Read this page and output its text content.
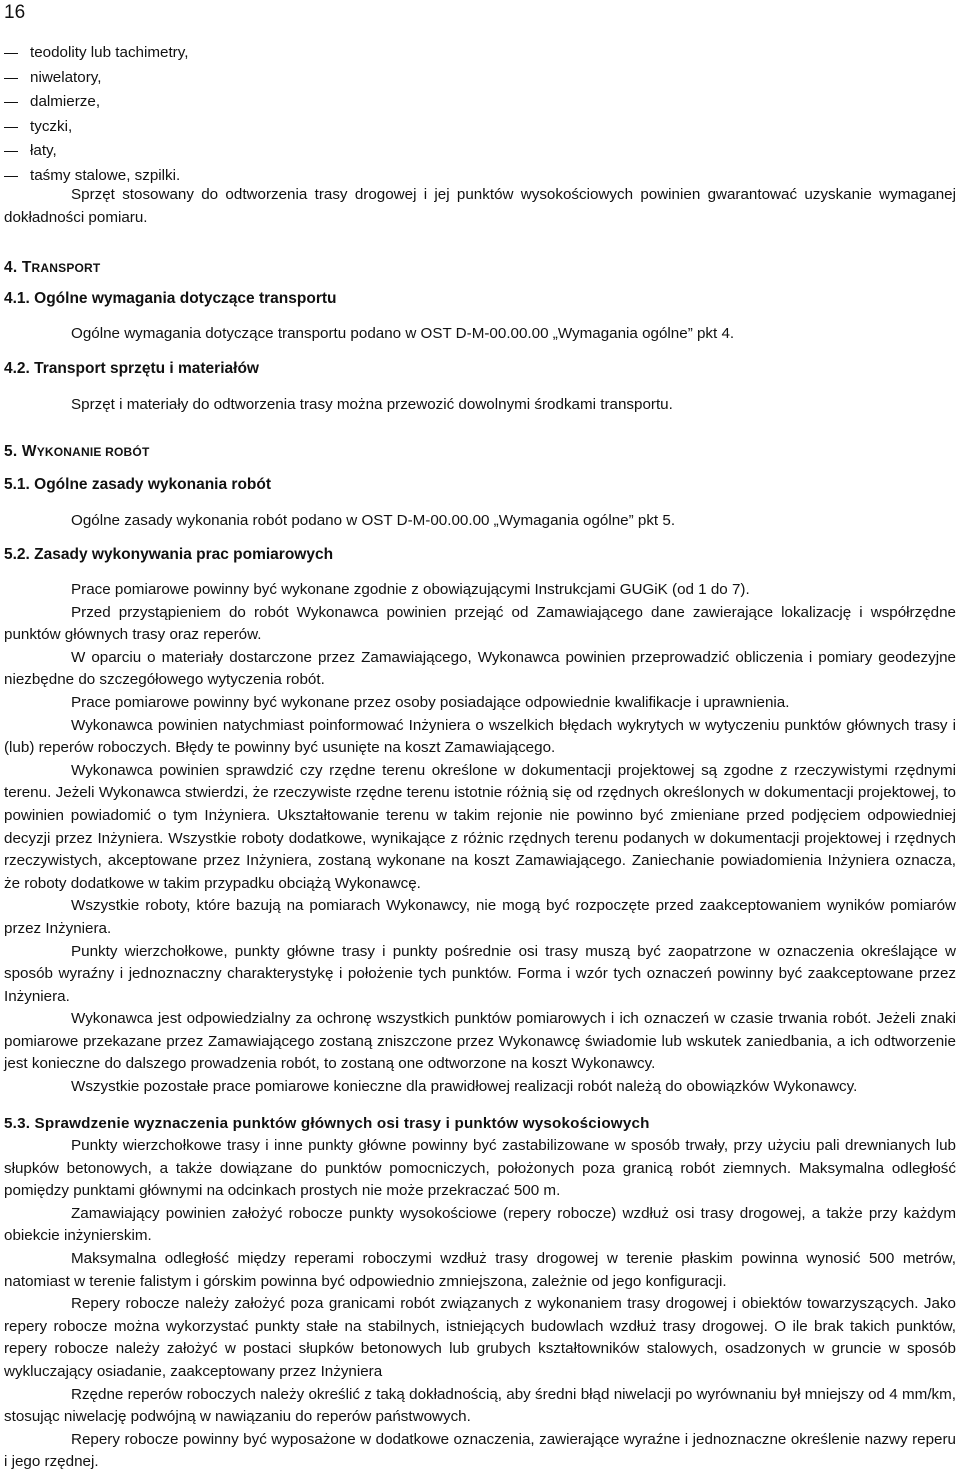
16
teodolity lub tachimetry,
niwelatory,
dalmierze,
tyczki,
łaty,
taśmy stalowe, szpilki.

Sprzęt stosowany do odtworzenia trasy drogowej i jej punktów wysokościowych powinien gwarantować uzyskanie wymaganej dokładności pomiaru.

4. TRANSPORT
4.1. Ogólne wymagania dotyczące transportu
Ogólne wymagania dotyczące transportu podano w OST D-M-00.00.00 „Wymagania ogólne” pkt 4.
4.2. Transport sprzętu i materiałów
Sprzęt i materiały do odtworzenia trasy można przewozić dowolnymi środkami transportu.
5. WYKONANIE ROBÓT
5.1. Ogólne zasady wykonania robót
Ogólne zasady wykonania robót podano w OST D-M-00.00.00 „Wymagania ogólne” pkt 5.
5.2. Zasady wykonywania prac pomiarowych

Prace pomiarowe powinny być wykonane zgodnie z obowiązującymi Instrukcjami GUGiK (od 1 do 7).

Przed przystąpieniem do robót Wykonawca powinien przejąć od Zamawiającego dane zawierające lokalizację i współrzędne punktów głównych trasy oraz reperów.

W oparciu o materiały dostarczone przez Zamawiającego, Wykonawca powinien przeprowadzić obliczenia i pomiary geodezyjne niezbędne do szczegółowego wytyczenia robót.

Prace pomiarowe powinny być wykonane przez osoby posiadające odpowiednie kwalifikacje i uprawnienia.

Wykonawca powinien natychmiast poinformować Inżyniera o wszelkich błędach wykrytych w wytyczeniu punktów głównych trasy i (lub) reperów roboczych. Błędy te powinny być usunięte na koszt Zamawiającego.

Wykonawca powinien sprawdzić czy rzędne terenu określone w dokumentacji projektowej są zgodne z rzeczywistymi rzędnymi terenu. Jeżeli Wykonawca stwierdzi, że rzeczywiste rzędne terenu istotnie różnią się od rzędnych określonych w dokumentacji projektowej, to powinien powiadomić o tym Inżyniera. Ukształtowanie terenu w takim rejonie nie powinno być zmieniane przed podjęciem odpowiedniej decyzji przez Inżyniera. Wszystkie roboty dodatkowe, wynikające z różnic rzędnych terenu podanych w dokumentacji projektowej i rzędnych rzeczywistych, akceptowane przez Inżyniera, zostaną wykonane na koszt Zamawiającego. Zaniechanie powiadomienia Inżyniera oznacza, że roboty dodatkowe w takim przypadku obciążą Wykonawcę.

Wszystkie roboty, które bazują na pomiarach Wykonawcy, nie mogą być rozpoczęte przed zaakceptowaniem wyników pomiarów przez Inżyniera.

Punkty wierzchołkowe, punkty główne trasy i punkty pośrednie osi trasy muszą być zaopatrzone w oznaczenia określające w sposób wyraźny i jednoznaczny charakterystykę i położenie tych punktów. Forma i wzór tych oznaczeń powinny być zaakceptowane przez Inżyniera.

Wykonawca jest odpowiedzialny za ochronę wszystkich punktów pomiarowych i ich oznaczeń w czasie trwania robót. Jeżeli znaki pomiarowe przekazane przez Zamawiającego zostaną zniszczone przez Wykonawcę świadomie lub wskutek zaniedbania, a ich odtworzenie jest konieczne do dalszego prowadzenia robót, to zostaną one odtworzone na koszt Wykonawcy.

Wszystkie pozostałe prace pomiarowe konieczne dla prawidłowej realizacji robót należą do obowiązków Wykonawcy.

5.3. Sprawdzenie wyznaczenia punktów głównych osi trasy i punktów wysokościowych

Punkty wierzchołkowe trasy i inne punkty główne powinny być zastabilizowane w sposób trwały, przy użyciu pali drewnianych lub słupków betonowych, a także dowiązane do punktów pomocniczych, położonych poza granicą robót ziemnych. Maksymalna odległość pomiędzy punktami głównymi na odcinkach prostych nie może przekraczać 500 m.

Zamawiający powinien założyć robocze punkty wysokościowe (repery robocze) wzdłuż osi trasy drogowej, a także przy każdym obiekcie inżynierskim.

Maksymalna odległość między reperami roboczymi wzdłuż trasy drogowej w terenie płaskim powinna wynosić 500 metrów, natomiast w terenie falistym i górskim powinna być odpowiednio zmniejszona, zależnie od jego konfiguracji.

Repery robocze należy założyć poza granicami robót związanych z wykonaniem trasy drogowej i obiektów towarzyszących. Jako repery robocze można wykorzystać punkty stałe na stabilnych, istniejących budowlach wzdłuż trasy drogowej. O ile brak takich punktów, repery robocze należy założyć w postaci słupków betonowych lub grubych kształtowników stalowych, osadzonych w gruncie w sposób wykluczający osiadanie, zaakceptowany przez Inżyniera

Rzędne reperów roboczych należy określić z taką dokładnością, aby średni błąd niwelacji po wyrównaniu był mniejszy od 4 mm/km, stosując niwelację podwójną w nawiązaniu do reperów państwowych.

Repery robocze powinny być wyposażone w dodatkowe oznaczenia, zawierające wyraźne i jednoznaczne określenie nazwy reperu i jego rzędnej.
